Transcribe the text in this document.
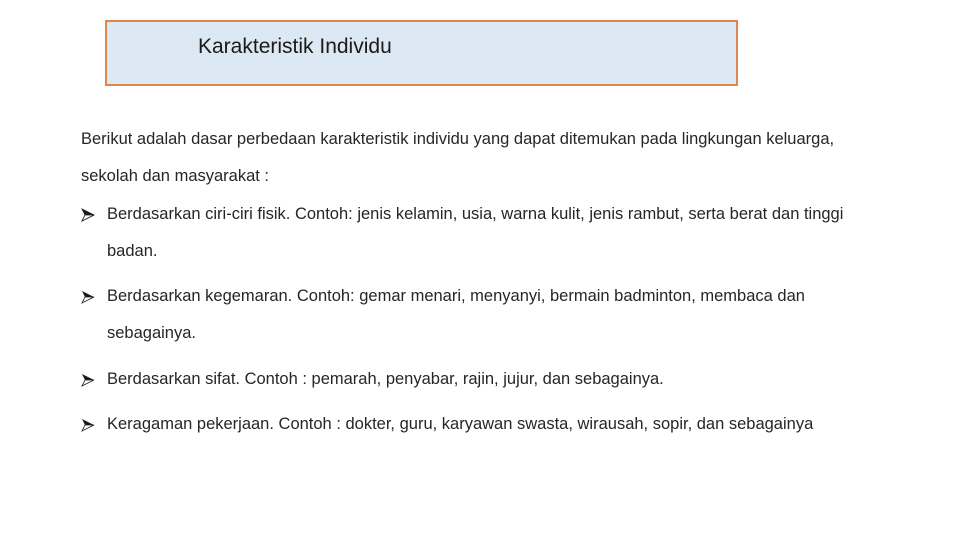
Karakteristik Individu

Berikut adalah dasar perbedaan karakteristik individu yang dapat ditemukan pada lingkungan keluarga, sekolah dan masyarakat :

Berdasarkan ciri-ciri fisik. Contoh: jenis kelamin, usia, warna kulit, jenis rambut, serta berat dan tinggi badan.
Berdasarkan kegemaran. Contoh: gemar menari, menyanyi, bermain badminton, membaca dan sebagainya.
Berdasarkan sifat. Contoh : pemarah, penyabar, rajin, jujur, dan sebagainya.
Keragaman pekerjaan. Contoh : dokter, guru, karyawan swasta, wirausah, sopir, dan sebagainya
